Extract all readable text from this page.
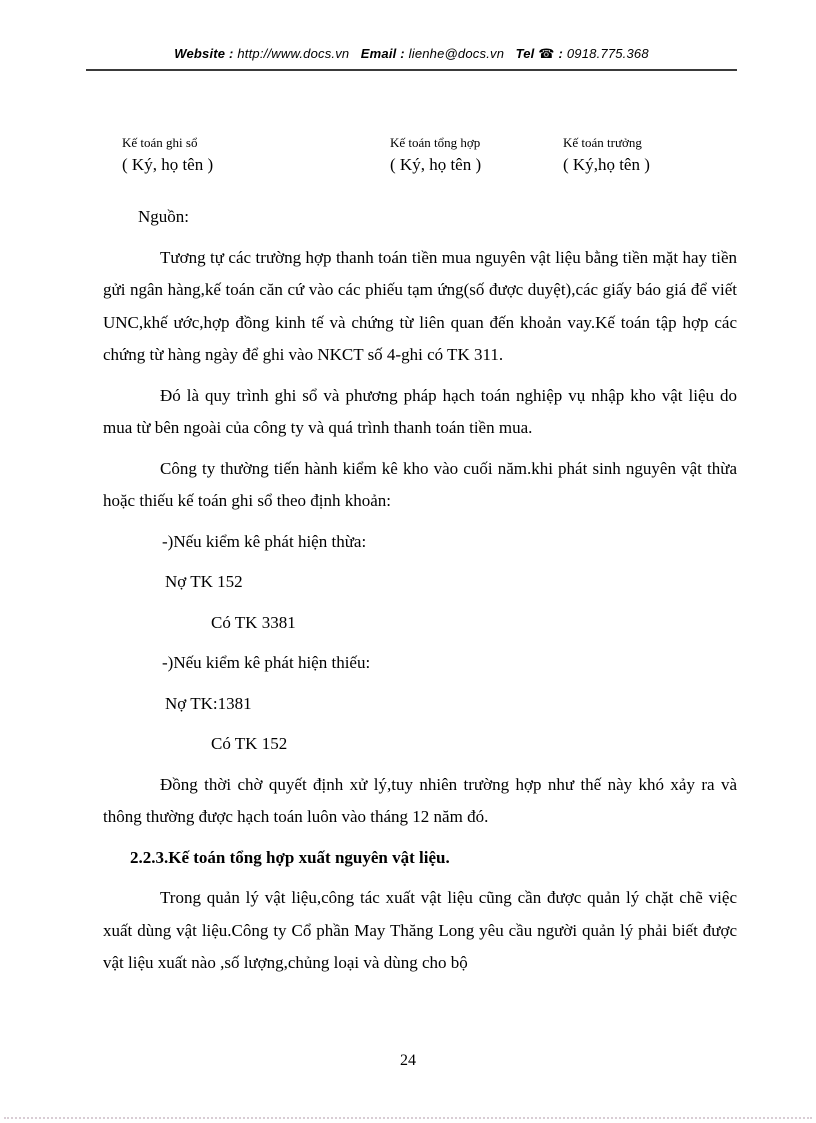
Website : http://www.docs.vn Email : lienhe@docs.vn Tel ☎ : 0918.775.368
Kế toán ghi sổ
( Ký, họ tên )
Kế toán tổng hợp
( Ký, họ tên )
Kế toán trưởng
( Ký,họ tên )

Nguồn:

Tương tự các trường hợp thanh toán tiền mua nguyên vật liệu bằng tiền mặt hay tiền gửi ngân hàng,kế toán căn cứ vào các phiếu tạm ứng(số được duyệt),các giấy báo giá để viết UNC,khế ước,hợp đồng kinh tế và chứng từ liên quan đến khoản vay.Kế toán tập hợp các chứng từ hàng ngày để ghi vào NKCT số 4-ghi có TK 311.

Đó là quy trình ghi sổ và phương pháp hạch toán nghiệp vụ nhập kho vật liệu do mua từ bên ngoài của công ty và quá trình thanh toán tiền mua.

Công ty thường tiến hành kiểm kê kho vào cuối năm.khi phát sinh nguyên vật thừa hoặc thiếu kế toán ghi sổ theo định khoản:

-)Nếu kiểm kê phát hiện thừa:

Nợ TK 152

Có TK 3381

-)Nếu kiểm kê phát hiện thiếu:

Nợ TK:1381

Có TK 152

Đồng thời chờ quyết định xử lý,tuy nhiên trường hợp như thế này khó xảy ra và thông thường được hạch toán luôn vào tháng 12 năm đó.

2.2.3.Kế toán tổng hợp xuất nguyên vật liệu.

Trong quản lý vật liệu,công tác xuất vật liệu cũng cần được quản lý chặt chẽ việc xuất dùng vật liệu.Công ty Cổ phần May Thăng Long yêu cầu người quản lý phải biết được vật liệu xuất nào ,số lượng,chủng loại và dùng cho bộ

24
